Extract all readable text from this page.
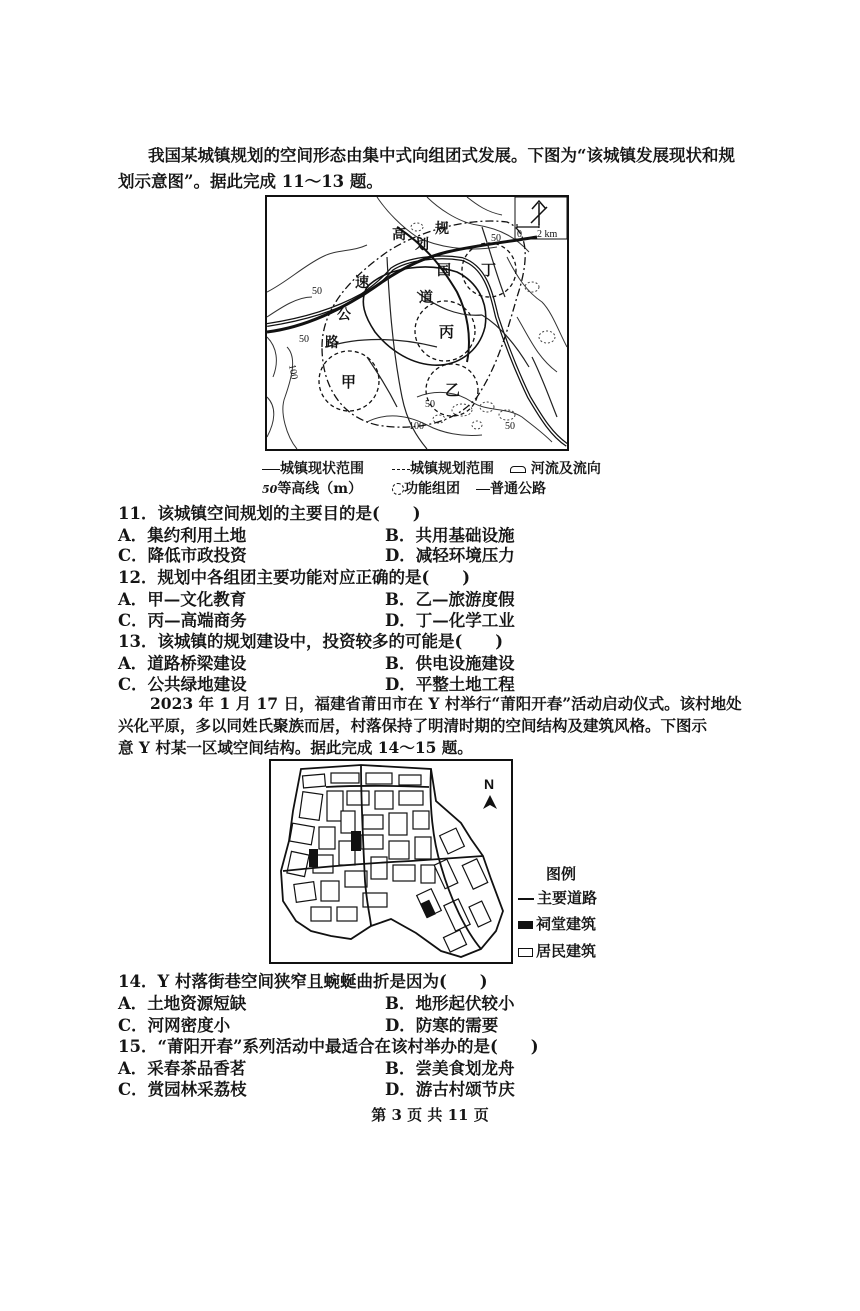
我国某城镇规划的空间形态由集中式向组团式发展。下图为“该城镇发展现状和规
划示意图”。据此完成 11～13 题。
0 2 km
50
50
50
50
50
100
100
高
速
公
路
规
划
国
道
甲
丙
乙
丁
城镇现状范围	城镇规划范围	河流及流向
50等高线（m）	功能组团	普通公路
11．该城镇空间规划的主要目的是(　　)
A．集约利用土地	B．共用基础设施
C．降低市政投资	D．减轻环境压力
12．规划中各组团主要功能对应正确的是(　　)
A．甲—文化教育	B．乙—旅游度假
C．丙—高端商务	D．丁—化学工业
13．该城镇的规划建设中，投资较多的可能是(　　)
A．道路桥梁建设	B．供电设施建设
C．公共绿地建设	D．平整土地工程
2023 年 1 月 17 日，福建省莆田市在 Y 村举行“莆阳开春”活动启动仪式。该村地处
兴化平原，多以同姓氏聚族而居，村落保持了明清时期的空间结构及建筑风格。下图示
意 Y 村某一区域空间结构。据此完成 14～15 题。
N
图例
主要道路
祠堂建筑
居民建筑
14．Y 村落街巷空间狭窄且蜿蜒曲折是因为(　　)
A．土地资源短缺	B．地形起伏较小
C．河网密度小	D．防寒的需要
15．“莆阳开春”系列活动中最适合在该村举办的是(　　)
A．采春茶品香茗	B．尝美食划龙舟
C．赏园林采荔枝	D．游古村颂节庆
第 3 页 共 11 页
